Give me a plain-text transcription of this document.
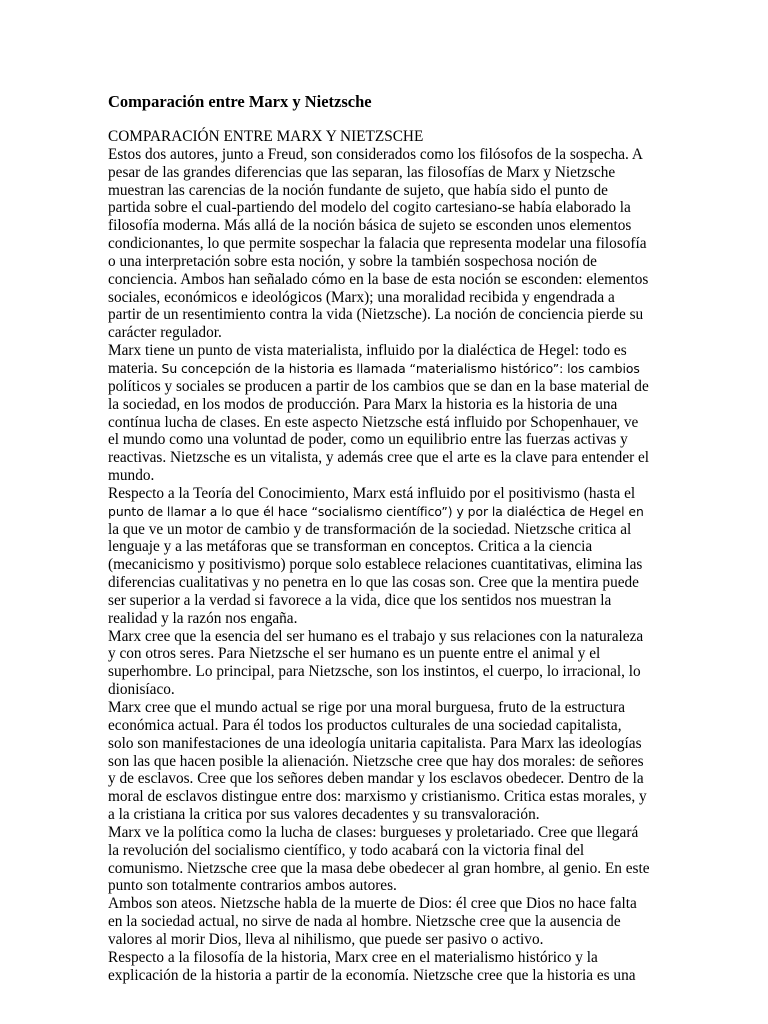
Comparación entre Marx y Nietzsche
COMPARACIÓN ENTRE MARX Y NIETZSCHE
Estos dos autores, junto a Freud, son considerados como los filósofos de la sospecha. A
pesar de las grandes diferencias que las separan, las filosofías de Marx y Nietzsche
muestran las carencias de la noción fundante de sujeto, que había sido el punto de
partida sobre el cual-partiendo del modelo del cogito cartesiano-se había elaborado la
filosofía moderna. Más allá de la noción básica de sujeto se esconden unos elementos
condicionantes, lo que permite sospechar la falacia que representa modelar una filosofía
o una interpretación sobre esta noción, y sobre la también sospechosa noción de
conciencia. Ambos han señalado cómo en la base de esta noción se esconden: elementos
sociales, económicos e ideológicos (Marx); una moralidad recibida y engendrada a
partir de un resentimiento contra la vida (Nietzsche). La noción de conciencia pierde su
carácter regulador.
Marx tiene un punto de vista materialista, influido por la dialéctica de Hegel: todo es
materia. Su concepción de la historia es llamada “materialismo histórico”: los cambios
políticos y sociales se producen a partir de los cambios que se dan en la base material de
la sociedad, en los modos de producción. Para Marx la historia es la historia de una
contínua lucha de clases. En este aspecto Nietzsche está influido por Schopenhauer, ve
el mundo como una voluntad de poder, como un equilibrio entre las fuerzas activas y
reactivas. Nietzsche es un vitalista, y además cree que el arte es la clave para entender el
mundo.
Respecto a la Teoría del Conocimiento, Marx está influido por el positivismo (hasta el
punto de llamar a lo que él hace “socialismo científico”) y por la dialéctica de Hegel en
la que ve un motor de cambio y de transformación de la sociedad. Nietzsche critica al
lenguaje y a las metáforas que se transforman en conceptos. Critica a la ciencia
(mecanicismo y positivismo) porque solo establece relaciones cuantitativas, elimina las
diferencias cualitativas y no penetra en lo que las cosas son. Cree que la mentira puede
ser superior a la verdad si favorece a la vida, dice que los sentidos nos muestran la
realidad y la razón nos engaña.
Marx cree que la esencia del ser humano es el trabajo y sus relaciones con la naturaleza
y con otros seres. Para Nietzsche el ser humano es un puente entre el animal y el
superhombre. Lo principal, para Nietzsche, son los instintos, el cuerpo, lo irracional, lo
dionisíaco.
Marx cree que el mundo actual se rige por una moral burguesa, fruto de la estructura
económica actual. Para él todos los productos culturales de una sociedad capitalista,
solo son manifestaciones de una ideología unitaria capitalista. Para Marx las ideologías
son las que hacen posible la alienación. Nietzsche cree que hay dos morales: de señores
y de esclavos. Cree que los señores deben mandar y los esclavos obedecer. Dentro de la
moral de esclavos distingue entre dos: marxismo y cristianismo. Critica estas morales, y
a la cristiana la critica por sus valores decadentes y su transvaloración.
Marx ve la política como la lucha de clases: burgueses y proletariado. Cree que llegará
la revolución del socialismo científico, y todo acabará con la victoria final del
comunismo. Nietzsche cree que la masa debe obedecer al gran hombre, al genio. En este
punto son totalmente contrarios ambos autores.
Ambos son ateos. Nietzsche habla de la muerte de Dios: él cree que Dios no hace falta
en la sociedad actual, no sirve de nada al hombre. Nietzsche cree que la ausencia de
valores al morir Dios, lleva al nihilismo, que puede ser pasivo o activo.
Respecto a la filosofía de la historia, Marx cree en el materialismo histórico y la
explicación de la historia a partir de la economía. Nietzsche cree que la historia es una
